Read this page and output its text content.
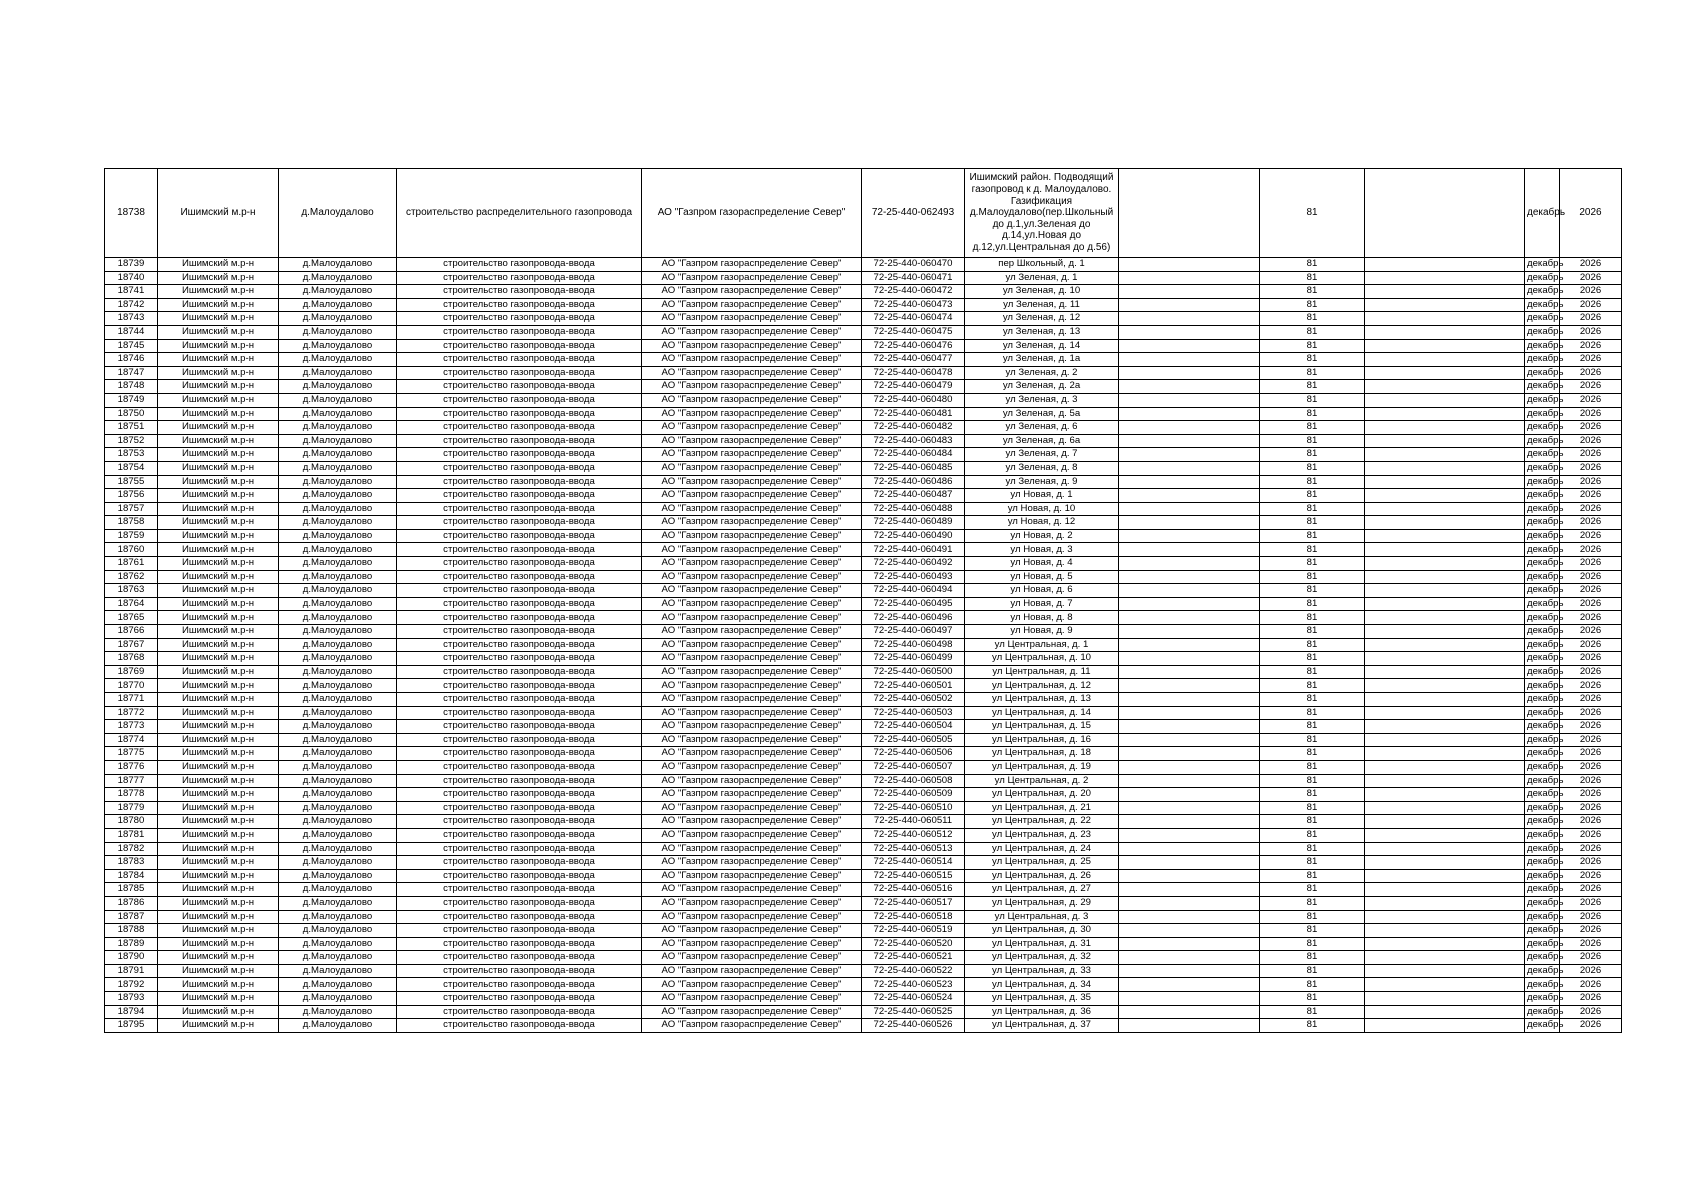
18738	Ишимский м.р-н	д.Малоудалово	строительство распределительного газопровода	АО "Газпром газораспределение Север"	72-25-440-062493	Ишимский район. Подводящий газопровод к д. Малоудалово. Газификация д.Малоудалово(пер.Школьный до д.1,ул.Зеленая до д.14,ул.Новая до д.12,ул.Центральная до д.56)		81		декабрь	2026
18739	Ишимский м.р-н	д.Малоудалово	строительство газопровода-ввода	АО "Газпром газораспределение Север"	72-25-440-060470	пер Школьный, д. 1		81		декабрь	2026
18740	Ишимский м.р-н	д.Малоудалово	строительство газопровода-ввода	АО "Газпром газораспределение Север"	72-25-440-060471	ул Зеленая, д. 1		81		декабрь	2026
18741	Ишимский м.р-н	д.Малоудалово	строительство газопровода-ввода	АО "Газпром газораспределение Север"	72-25-440-060472	ул Зеленая, д. 10		81		декабрь	2026
18742	Ишимский м.р-н	д.Малоудалово	строительство газопровода-ввода	АО "Газпром газораспределение Север"	72-25-440-060473	ул Зеленая, д. 11		81		декабрь	2026
18743	Ишимский м.р-н	д.Малоудалово	строительство газопровода-ввода	АО "Газпром газораспределение Север"	72-25-440-060474	ул Зеленая, д. 12		81		декабрь	2026
18744	Ишимский м.р-н	д.Малоудалово	строительство газопровода-ввода	АО "Газпром газораспределение Север"	72-25-440-060475	ул Зеленая, д. 13		81		декабрь	2026
18745	Ишимский м.р-н	д.Малоудалово	строительство газопровода-ввода	АО "Газпром газораспределение Север"	72-25-440-060476	ул Зеленая, д. 14		81		декабрь	2026
18746	Ишимский м.р-н	д.Малоудалово	строительство газопровода-ввода	АО "Газпром газораспределение Север"	72-25-440-060477	ул Зеленая, д. 1а		81		декабрь	2026
18747	Ишимский м.р-н	д.Малоудалово	строительство газопровода-ввода	АО "Газпром газораспределение Север"	72-25-440-060478	ул Зеленая, д. 2		81		декабрь	2026
18748	Ишимский м.р-н	д.Малоудалово	строительство газопровода-ввода	АО "Газпром газораспределение Север"	72-25-440-060479	ул Зеленая, д. 2а		81		декабрь	2026
18749	Ишимский м.р-н	д.Малоудалово	строительство газопровода-ввода	АО "Газпром газораспределение Север"	72-25-440-060480	ул Зеленая, д. 3		81		декабрь	2026
18750	Ишимский м.р-н	д.Малоудалово	строительство газопровода-ввода	АО "Газпром газораспределение Север"	72-25-440-060481	ул Зеленая, д. 5а		81		декабрь	2026
18751	Ишимский м.р-н	д.Малоудалово	строительство газопровода-ввода	АО "Газпром газораспределение Север"	72-25-440-060482	ул Зеленая, д. 6		81		декабрь	2026
18752	Ишимский м.р-н	д.Малоудалово	строительство газопровода-ввода	АО "Газпром газораспределение Север"	72-25-440-060483	ул Зеленая, д. 6а		81		декабрь	2026
18753	Ишимский м.р-н	д.Малоудалово	строительство газопровода-ввода	АО "Газпром газораспределение Север"	72-25-440-060484	ул Зеленая, д. 7		81		декабрь	2026
18754	Ишимский м.р-н	д.Малоудалово	строительство газопровода-ввода	АО "Газпром газораспределение Север"	72-25-440-060485	ул Зеленая, д. 8		81		декабрь	2026
18755	Ишимский м.р-н	д.Малоудалово	строительство газопровода-ввода	АО "Газпром газораспределение Север"	72-25-440-060486	ул Зеленая, д. 9		81		декабрь	2026
18756	Ишимский м.р-н	д.Малоудалово	строительство газопровода-ввода	АО "Газпром газораспределение Север"	72-25-440-060487	ул Новая, д. 1		81		декабрь	2026
18757	Ишимский м.р-н	д.Малоудалово	строительство газопровода-ввода	АО "Газпром газораспределение Север"	72-25-440-060488	ул Новая, д. 10		81		декабрь	2026
18758	Ишимский м.р-н	д.Малоудалово	строительство газопровода-ввода	АО "Газпром газораспределение Север"	72-25-440-060489	ул Новая, д. 12		81		декабрь	2026
18759	Ишимский м.р-н	д.Малоудалово	строительство газопровода-ввода	АО "Газпром газораспределение Север"	72-25-440-060490	ул Новая, д. 2		81		декабрь	2026
18760	Ишимский м.р-н	д.Малоудалово	строительство газопровода-ввода	АО "Газпром газораспределение Север"	72-25-440-060491	ул Новая, д. 3		81		декабрь	2026
18761	Ишимский м.р-н	д.Малоудалово	строительство газопровода-ввода	АО "Газпром газораспределение Север"	72-25-440-060492	ул Новая, д. 4		81		декабрь	2026
18762	Ишимский м.р-н	д.Малоудалово	строительство газопровода-ввода	АО "Газпром газораспределение Север"	72-25-440-060493	ул Новая, д. 5		81		декабрь	2026
18763	Ишимский м.р-н	д.Малоудалово	строительство газопровода-ввода	АО "Газпром газораспределение Север"	72-25-440-060494	ул Новая, д. 6		81		декабрь	2026
18764	Ишимский м.р-н	д.Малоудалово	строительство газопровода-ввода	АО "Газпром газораспределение Север"	72-25-440-060495	ул Новая, д. 7		81		декабрь	2026
18765	Ишимский м.р-н	д.Малоудалово	строительство газопровода-ввода	АО "Газпром газораспределение Север"	72-25-440-060496	ул Новая, д. 8		81		декабрь	2026
18766	Ишимский м.р-н	д.Малоудалово	строительство газопровода-ввода	АО "Газпром газораспределение Север"	72-25-440-060497	ул Новая, д. 9		81		декабрь	2026
18767	Ишимский м.р-н	д.Малоудалово	строительство газопровода-ввода	АО "Газпром газораспределение Север"	72-25-440-060498	ул Центральная, д. 1		81		декабрь	2026
18768	Ишимский м.р-н	д.Малоудалово	строительство газопровода-ввода	АО "Газпром газораспределение Север"	72-25-440-060499	ул Центральная, д. 10		81		декабрь	2026
18769	Ишимский м.р-н	д.Малоудалово	строительство газопровода-ввода	АО "Газпром газораспределение Север"	72-25-440-060500	ул Центральная, д. 11		81		декабрь	2026
18770	Ишимский м.р-н	д.Малоудалово	строительство газопровода-ввода	АО "Газпром газораспределение Север"	72-25-440-060501	ул Центральная, д. 12		81		декабрь	2026
18771	Ишимский м.р-н	д.Малоудалово	строительство газопровода-ввода	АО "Газпром газораспределение Север"	72-25-440-060502	ул Центральная, д. 13		81		декабрь	2026
18772	Ишимский м.р-н	д.Малоудалово	строительство газопровода-ввода	АО "Газпром газораспределение Север"	72-25-440-060503	ул Центральная, д. 14		81		декабрь	2026
18773	Ишимский м.р-н	д.Малоудалово	строительство газопровода-ввода	АО "Газпром газораспределение Север"	72-25-440-060504	ул Центральная, д. 15		81		декабрь	2026
18774	Ишимский м.р-н	д.Малоудалово	строительство газопровода-ввода	АО "Газпром газораспределение Север"	72-25-440-060505	ул Центральная, д. 16		81		декабрь	2026
18775	Ишимский м.р-н	д.Малоудалово	строительство газопровода-ввода	АО "Газпром газораспределение Север"	72-25-440-060506	ул Центральная, д. 18		81		декабрь	2026
18776	Ишимский м.р-н	д.Малоудалово	строительство газопровода-ввода	АО "Газпром газораспределение Север"	72-25-440-060507	ул Центральная, д. 19		81		декабрь	2026
18777	Ишимский м.р-н	д.Малоудалово	строительство газопровода-ввода	АО "Газпром газораспределение Север"	72-25-440-060508	ул Центральная, д. 2		81		декабрь	2026
18778	Ишимский м.р-н	д.Малоудалово	строительство газопровода-ввода	АО "Газпром газораспределение Север"	72-25-440-060509	ул Центральная, д. 20		81		декабрь	2026
18779	Ишимский м.р-н	д.Малоудалово	строительство газопровода-ввода	АО "Газпром газораспределение Север"	72-25-440-060510	ул Центральная, д. 21		81		декабрь	2026
18780	Ишимский м.р-н	д.Малоудалово	строительство газопровода-ввода	АО "Газпром газораспределение Север"	72-25-440-060511	ул Центральная, д. 22		81		декабрь	2026
18781	Ишимский м.р-н	д.Малоудалово	строительство газопровода-ввода	АО "Газпром газораспределение Север"	72-25-440-060512	ул Центральная, д. 23		81		декабрь	2026
18782	Ишимский м.р-н	д.Малоудалово	строительство газопровода-ввода	АО "Газпром газораспределение Север"	72-25-440-060513	ул Центральная, д. 24		81		декабрь	2026
18783	Ишимский м.р-н	д.Малоудалово	строительство газопровода-ввода	АО "Газпром газораспределение Север"	72-25-440-060514	ул Центральная, д. 25		81		декабрь	2026
18784	Ишимский м.р-н	д.Малоудалово	строительство газопровода-ввода	АО "Газпром газораспределение Север"	72-25-440-060515	ул Центральная, д. 26		81		декабрь	2026
18785	Ишимский м.р-н	д.Малоудалово	строительство газопровода-ввода	АО "Газпром газораспределение Север"	72-25-440-060516	ул Центральная, д. 27		81		декабрь	2026
18786	Ишимский м.р-н	д.Малоудалово	строительство газопровода-ввода	АО "Газпром газораспределение Север"	72-25-440-060517	ул Центральная, д. 29		81		декабрь	2026
18787	Ишимский м.р-н	д.Малоудалово	строительство газопровода-ввода	АО "Газпром газораспределение Север"	72-25-440-060518	ул Центральная, д. 3		81		декабрь	2026
18788	Ишимский м.р-н	д.Малоудалово	строительство газопровода-ввода	АО "Газпром газораспределение Север"	72-25-440-060519	ул Центральная, д. 30		81		декабрь	2026
18789	Ишимский м.р-н	д.Малоудалово	строительство газопровода-ввода	АО "Газпром газораспределение Север"	72-25-440-060520	ул Центральная, д. 31		81		декабрь	2026
18790	Ишимский м.р-н	д.Малоудалово	строительство газопровода-ввода	АО "Газпром газораспределение Север"	72-25-440-060521	ул Центральная, д. 32		81		декабрь	2026
18791	Ишимский м.р-н	д.Малоудалово	строительство газопровода-ввода	АО "Газпром газораспределение Север"	72-25-440-060522	ул Центральная, д. 33		81		декабрь	2026
18792	Ишимский м.р-н	д.Малоудалово	строительство газопровода-ввода	АО "Газпром газораспределение Север"	72-25-440-060523	ул Центральная, д. 34		81		декабрь	2026
18793	Ишимский м.р-н	д.Малоудалово	строительство газопровода-ввода	АО "Газпром газораспределение Север"	72-25-440-060524	ул Центральная, д. 35		81		декабрь	2026
18794	Ишимский м.р-н	д.Малоудалово	строительство газопровода-ввода	АО "Газпром газораспределение Север"	72-25-440-060525	ул Центральная, д. 36		81		декабрь	2026
18795	Ишимский м.р-н	д.Малоудалово	строительство газопровода-ввода	АО "Газпром газораспределение Север"	72-25-440-060526	ул Центральная, д. 37		81		декабрь	2026
